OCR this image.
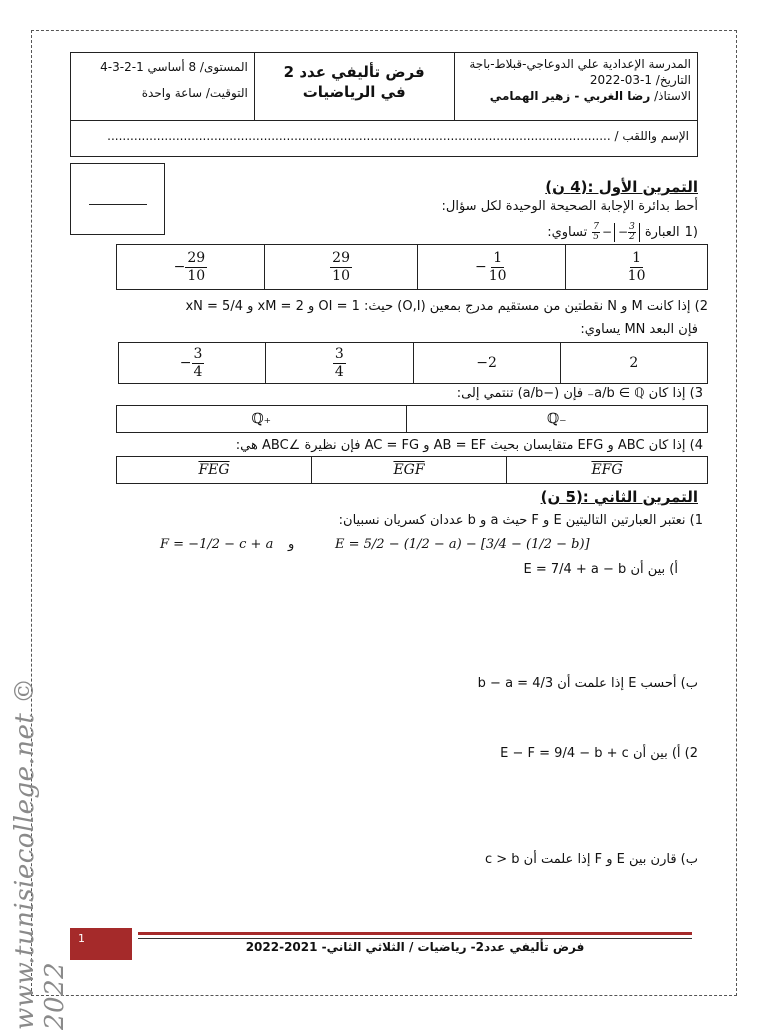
www.tunisiecollege.net © 2022
المستوى/ 8 أساسي 1-2-3-4
التوقيت/ ساعة واحدة

فرض تأليفي عدد 2
في الرياضيات

المدرسة الإعدادية علي الدوعاجي-قبلاط-باجة
التاريخ/ 1-03-2022
الاستاذ/ رضا الغربي - زهير الهمامي

الإسم واللقب / ....................................................................................................................................
التمرين الأول :(4 ن)
أحط بدائرة الإجابة الصحيحة الوحيدة لكل سؤال:
1)
العبارة
7
5 − − $\frac{3}{2}$
تساوي:
− $\frac{29}{10}$	$\frac{29}{10}$	− $\frac{1}{10}$	$\frac{1}{10}$
2) إذا كانت M و N نقطتين من مستقيم مدرج بمعين (O,I) حيث: OI = 1 و xM = 2 و xN = 5/4
فإن البعد MN يساوي:
− $\frac{3}{4}$	$\frac{3}{4}$	−2	2
3) إذا كان a/b ∈ ℚ₋ فإن (−a/b) تنتمي إلى:
ℚ₊	ℚ₋
4) إذا كان ABC و EFG متقايسان بحيث AB = EF و AC = FG فإن نظيرة ∠ABC هي:
$\overline{FEG}$	$\overline{EGF}$	$\overline{EFG}$
التمرين الثاني :(5 ن)
1) نعتبر العبارتين التاليتين E و F حيث a و b عددان كسريان نسبيان:
E = 5/2 − (1/2 − a) − [3/4 − (1/2 − b)]
و
F = −1/2 − c + a
أ) بين أن E = 7/4 + a − b
ب) أحسب E إذا علمت أن b − a = 4/3
2) أ) بين أن E − F = 9/4 − b + c
ب) قارن بين E و F إذا علمت أن c > b
1
فرض تأليفي عدد2- رياضيات / الثلاثي الثاني- 2021-2022
